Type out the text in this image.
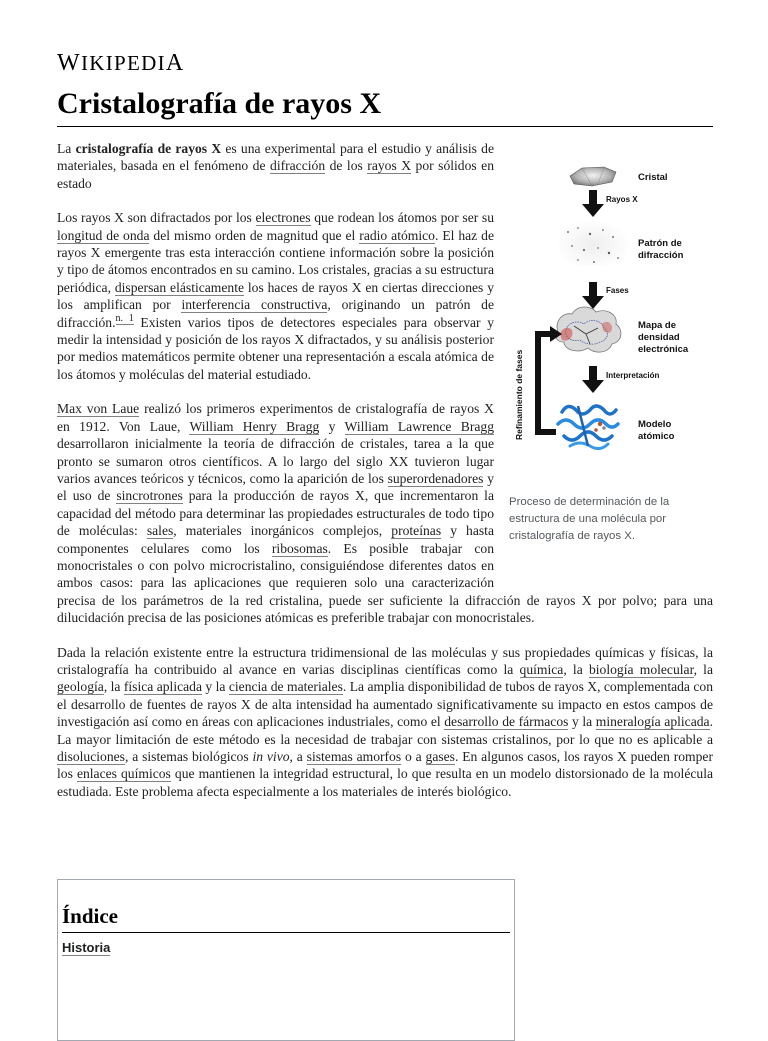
WIKIPEDIA
Cristalografía de rayos X
Cristal
Rayos X
Patrón de
difracción
Fases
Mapa de
densidad
electrónica
Interpretación
Modelo
atómico
Refinamiento de fases
Proceso de determinación de la estructura de una molécula por cristalografía de rayos X.

La cristalografía de rayos X es una experimental para el estudio y análisis de materiales, basada en el fenómeno de difracción de los rayos X por sólidos en estado

Los rayos X son difractados por los electrones que rodean los átomos por ser su longitud de onda del mismo orden de magnitud que el radio atómico. El haz de rayos X emergente tras esta interacción contiene información sobre la posición y tipo de átomos encontrados en su camino. Los cristales, gracias a su estructura periódica, dispersan elásticamente los haces de rayos X en ciertas direcciones y los amplifican por interferencia constructiva, originando un patrón de difracción.$^{n. 1}$ Existen varios tipos de detectores especiales para observar y medir la intensidad y posición de los rayos X difractados, y su análisis posterior por medios matemáticos permite obtener una representación a escala atómica de los átomos y moléculas del material estudiado.

Max von Laue realizó los primeros experimentos de cristalografía de rayos X en 1912. Von Laue, William Henry Bragg y William Lawrence Bragg desarrollaron inicialmente la teoría de difracción de cristales, tarea a la que pronto se sumaron otros científicos. A lo largo del siglo XX tuvieron lugar varios avances teóricos y técnicos, como la aparición de los superordenadores y el uso de sincrotrones para la producción de rayos X, que incrementaron la capacidad del método para determinar las propiedades estructurales de todo tipo de moléculas: sales, materiales inorgánicos complejos, proteínas y hasta componentes celulares como los ribosomas. Es posible trabajar con monocristales o con polvo microcristalino, consiguiéndose diferentes datos en ambos casos: para las aplicaciones que requieren solo una caracterización precisa de los parámetros de la red cristalina, puede ser suficiente la difracción de rayos X por polvo; para una dilucidación precisa de las posiciones atómicas es preferible trabajar con monocristales.

Dada la relación existente entre la estructura tridimensional de las moléculas y sus propiedades químicas y físicas, la cristalografía ha contribuido al avance en varias disciplinas científicas como la química, la biología molecular, la geología, la física aplicada y la ciencia de materiales. La amplia disponibilidad de tubos de rayos X, complementada con el desarrollo de fuentes de rayos X de alta intensidad ha aumentado significativamente su impacto en estos campos de investigación así como en áreas con aplicaciones industriales, como el desarrollo de fármacos y la mineralogía aplicada. La mayor limitación de este método es la necesidad de trabajar con sistemas cristalinos, por lo que no es aplicable a disoluciones, a sistemas biológicos in vivo, a sistemas amorfos o a gases. En algunos casos, los rayos X pueden romper los enlaces químicos que mantienen la integridad estructural, lo que resulta en un modelo distorsionado de la molécula estudiada. Este problema afecta especialmente a los materiales de interés biológico.

Índice
Historia
